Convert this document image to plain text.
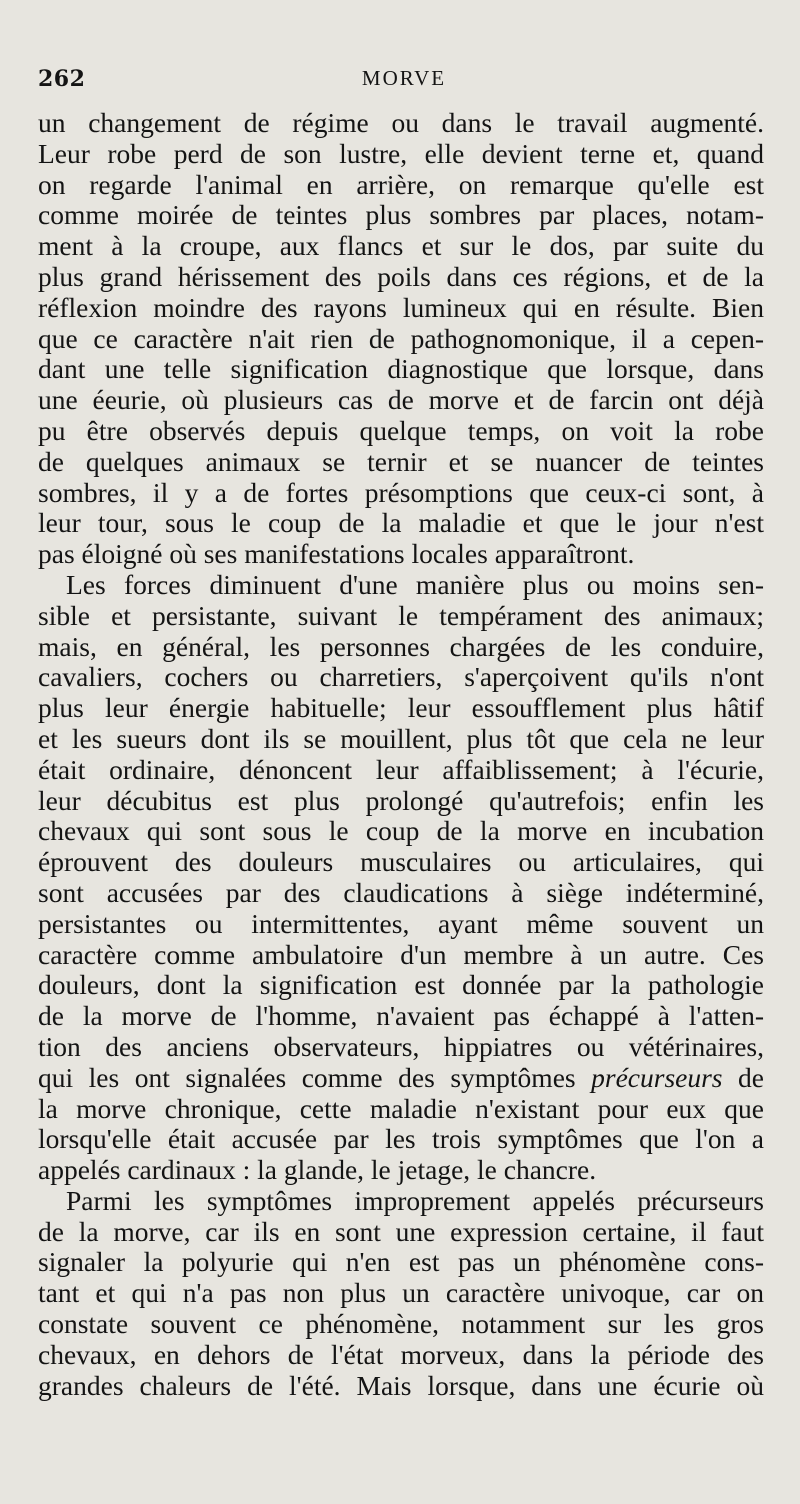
262	MORVE
un changement de régime ou dans le travail augmenté.
Leur robe perd de son lustre, elle devient terne et, quand
on regarde l'animal en arrière, on remarque qu'elle est
comme moirée de teintes plus sombres par places, notam-
ment à la croupe, aux flancs et sur le dos, par suite du
plus grand hérissement des poils dans ces régions, et de la
réflexion moindre des rayons lumineux qui en résulte. Bien
que ce caractère n'ait rien de pathognomonique, il a cepen-
dant une telle signification diagnostique que lorsque, dans
une éeurie, où plusieurs cas de morve et de farcin ont déjà
pu être observés depuis quelque temps, on voit la robe
de quelques animaux se ternir et se nuancer de teintes
sombres, il y a de fortes présomptions que ceux-ci sont, à
leur tour, sous le coup de la maladie et que le jour n'est
pas éloigné où ses manifestations locales apparaîtront.
Les forces diminuent d'une manière plus ou moins sen-
sible et persistante, suivant le tempérament des animaux;
mais, en général, les personnes chargées de les conduire,
cavaliers, cochers ou charretiers, s'aperçoivent qu'ils n'ont
plus leur énergie habituelle; leur essoufflement plus hâtif
et les sueurs dont ils se mouillent, plus tôt que cela ne leur
était ordinaire, dénoncent leur affaiblissement; à l'écurie,
leur décubitus est plus prolongé qu'autrefois; enfin les
chevaux qui sont sous le coup de la morve en incubation
éprouvent des douleurs musculaires ou articulaires, qui
sont accusées par des claudications à siège indéterminé,
persistantes ou intermittentes, ayant même souvent un
caractère comme ambulatoire d'un membre à un autre. Ces
douleurs, dont la signification est donnée par la pathologie
de la morve de l'homme, n'avaient pas échappé à l'atten-
tion des anciens observateurs, hippiatres ou vétérinaires,
qui les ont signalées comme des symptômes précurseurs de
la morve chronique, cette maladie n'existant pour eux que
lorsqu'elle était accusée par les trois symptômes que l'on a
appelés cardinaux : la glande, le jetage, le chancre.
Parmi les symptômes improprement appelés précurseurs
de la morve, car ils en sont une expression certaine, il faut
signaler la polyurie qui n'en est pas un phénomène cons-
tant et qui n'a pas non plus un caractère univoque, car on
constate souvent ce phénomène, notamment sur les gros
chevaux, en dehors de l'état morveux, dans la période des
grandes chaleurs de l'été. Mais lorsque, dans une écurie où
